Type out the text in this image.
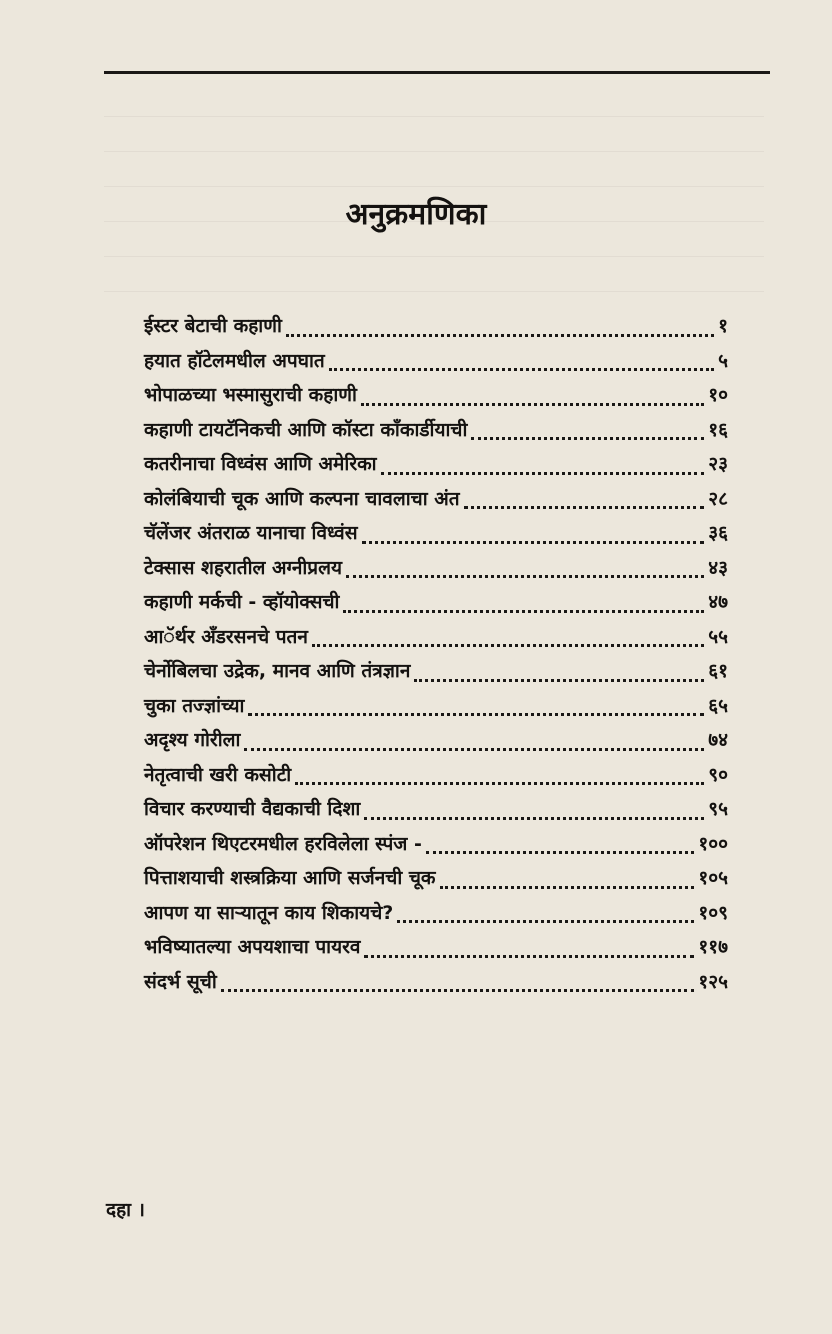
अनुक्रमणिका
ईस्टर बेटाची कहाणी	१
हयात हॉटेलमधील अपघात	५
भोपाळच्या भस्मासुराची कहाणी	१०
कहाणी टायटॅनिकची आणि कॉस्टा कॉंकार्डीयाची	१६
कतरीनाचा विध्वंस आणि अमेरिका	२३
कोलंबियाची चूक आणि कल्पना चावलाचा अंत	२८
चॅलेंजर अंतराळ यानाचा विध्वंस	३६
टेक्सास शहरातील अग्नीप्रलय	४३
कहाणी मर्कची - व्हॉयोक्सची	४७
आॅर्थर अँडरसनचे पतन	५५
चेर्नोबिलचा उद्रेक, मानव आणि तंत्रज्ञान	६१
चुका तज्ज्ञांच्या	६५
अदृश्य गोरीला	७४
नेतृत्वाची खरी कसोटी	९०
विचार करण्याची वैद्यकाची दिशा	९५
ऑपरेशन थिएटरमधील हरविलेला स्पंज -	१००
पित्ताशयाची शस्त्रक्रिया आणि सर्जनची चूक	१०५
आपण या साऱ्यातून काय शिकायचे?	१०९
भविष्यातल्या अपयशाचा पायरव	११७
संदर्भ सूची	१२५
दहा ।
